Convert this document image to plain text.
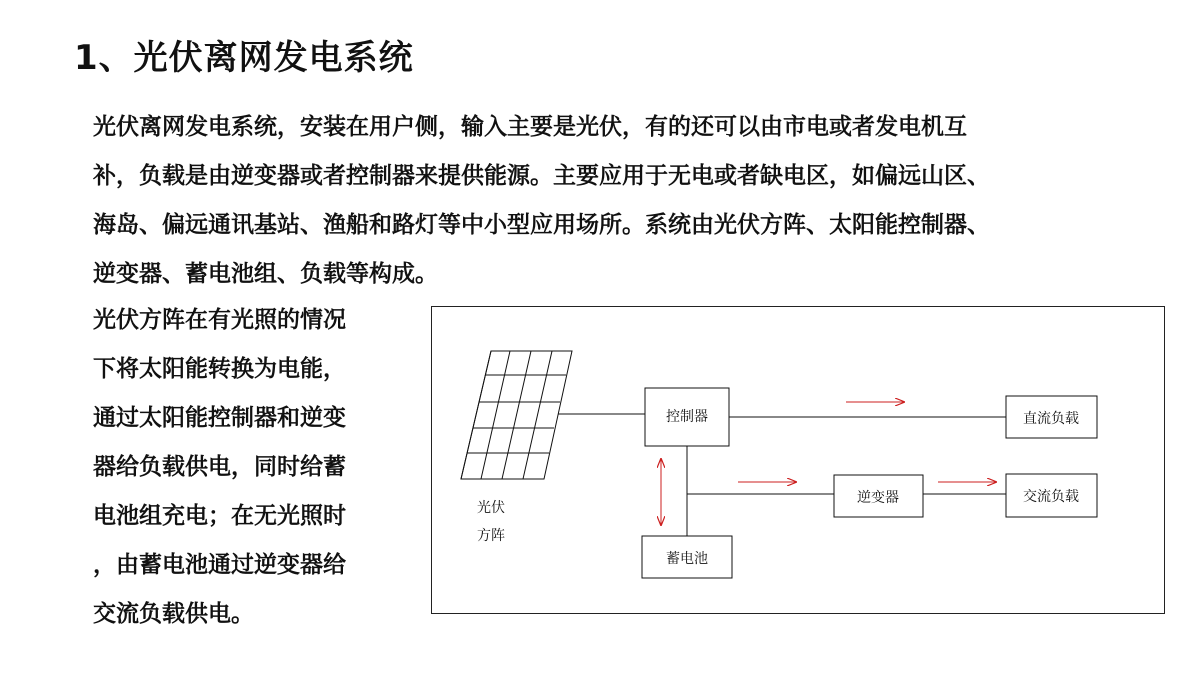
1、光伏离网发电系统
光伏离网发电系统，安装在用户侧，输入主要是光伏，有的还可以由市电或者发电机互
补，负载是由逆变器或者控制器来提供能源。主要应用于无电或者缺电区，如偏远山区、
海岛、偏远通讯基站、渔船和路灯等中小型应用场所。系统由光伏方阵、太阳能控制器、
逆变器、蓄电池组、负载等构成。
光伏方阵在有光照的情况
下将太阳能转换为电能，
通过太阳能控制器和逆变
器给负载供电，同时给蓄
电池组充电；在无光照时
，由蓄电池通过逆变器给
交流负载供电。
光伏
方阵
控制器	直流负载
逆变器	交流负载
蓄电池
